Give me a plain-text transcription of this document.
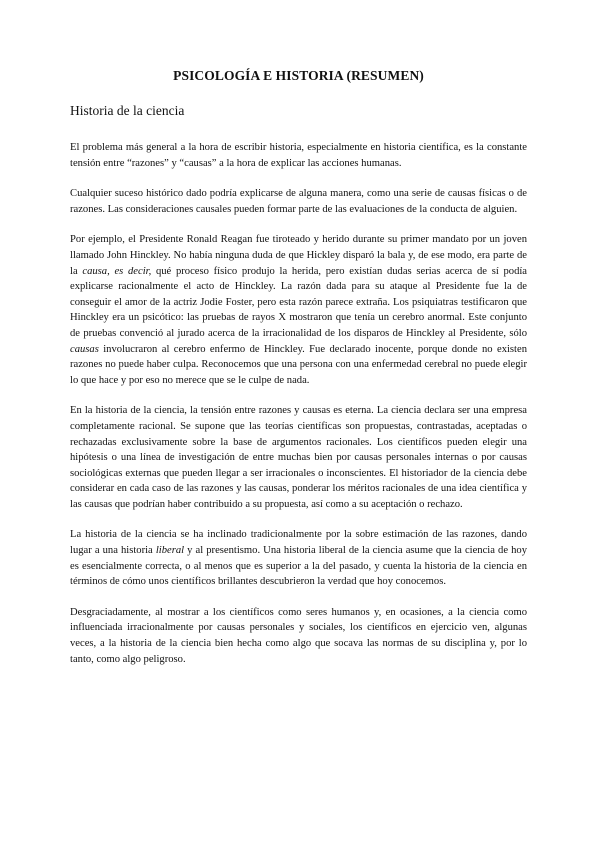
PSICOLOGÍA E HISTORIA (RESUMEN)
Historia de la ciencia

El problema más general a la hora de escribir historia, especialmente en historia científica, es la constante tensión entre “razones” y “causas” a la hora de explicar las acciones humanas.

Cualquier suceso histórico dado podría explicarse de alguna manera, como una serie de causas físicas o de razones. Las consideraciones causales pueden formar parte de las evaluaciones de la conducta de alguien.

Por ejemplo, el Presidente Ronald Reagan fue tiroteado y herido durante su primer mandato por un joven llamado John Hinckley. No había ninguna duda de que Hickley disparó la bala y, de ese modo, era parte de la causa, es decir, qué proceso físico produjo la herida, pero existían dudas serias acerca de sí podía explicarse racionalmente el acto de Hinckley. La razón dada para su ataque al Presidente fue la de conseguir el amor de la actriz Jodie Foster, pero esta razón parece extraña. Los psiquiatras testificaron que Hinckley era un psicótico: las pruebas de rayos X mostraron que tenía un cerebro anormal. Este conjunto de pruebas convenció al jurado acerca de la irracionalidad de los disparos de Hinckley al Presidente, sólo causas involucraron al cerebro enfermo de Hinckley. Fue declarado inocente, porque donde no existen razones no puede haber culpa. Reconocemos que una persona con una enfermedad cerebral no puede elegir lo que hace y por eso no merece que se le culpe de nada.

En la historia de la ciencia, la tensión entre razones y causas es eterna. La ciencia declara ser una empresa completamente racional. Se supone que las teorías científicas son propuestas, contrastadas, aceptadas o rechazadas exclusivamente sobre la base de argumentos racionales. Los científicos pueden elegir una hipótesis o una línea de investigación de entre muchas bien por causas personales internas o por causas sociológicas externas que pueden llegar a ser irracionales o inconscientes. El historiador de la ciencia debe considerar en cada caso de las razones y las causas, ponderar los méritos racionales de una idea científica y las causas que podrían haber contribuido a su propuesta, así como a su aceptación o rechazo.

La historia de la ciencia se ha inclinado tradicionalmente por la sobre estimación de las razones, dando lugar a una historia liberal y al presentismo. Una historia liberal de la ciencia asume que la ciencia de hoy es esencialmente correcta, o al menos que es superior a la del pasado, y cuenta la historia de la ciencia en términos de cómo unos científicos brillantes descubrieron la verdad que hoy conocemos.

Desgraciadamente, al mostrar a los científicos como seres humanos y, en ocasiones, a la ciencia como influenciada irracionalmente por causas personales y sociales, los científicos en ejercicio ven, algunas veces, a la historia de la ciencia bien hecha como algo que socava las normas de su disciplina y, por lo tanto, como algo peligroso.
